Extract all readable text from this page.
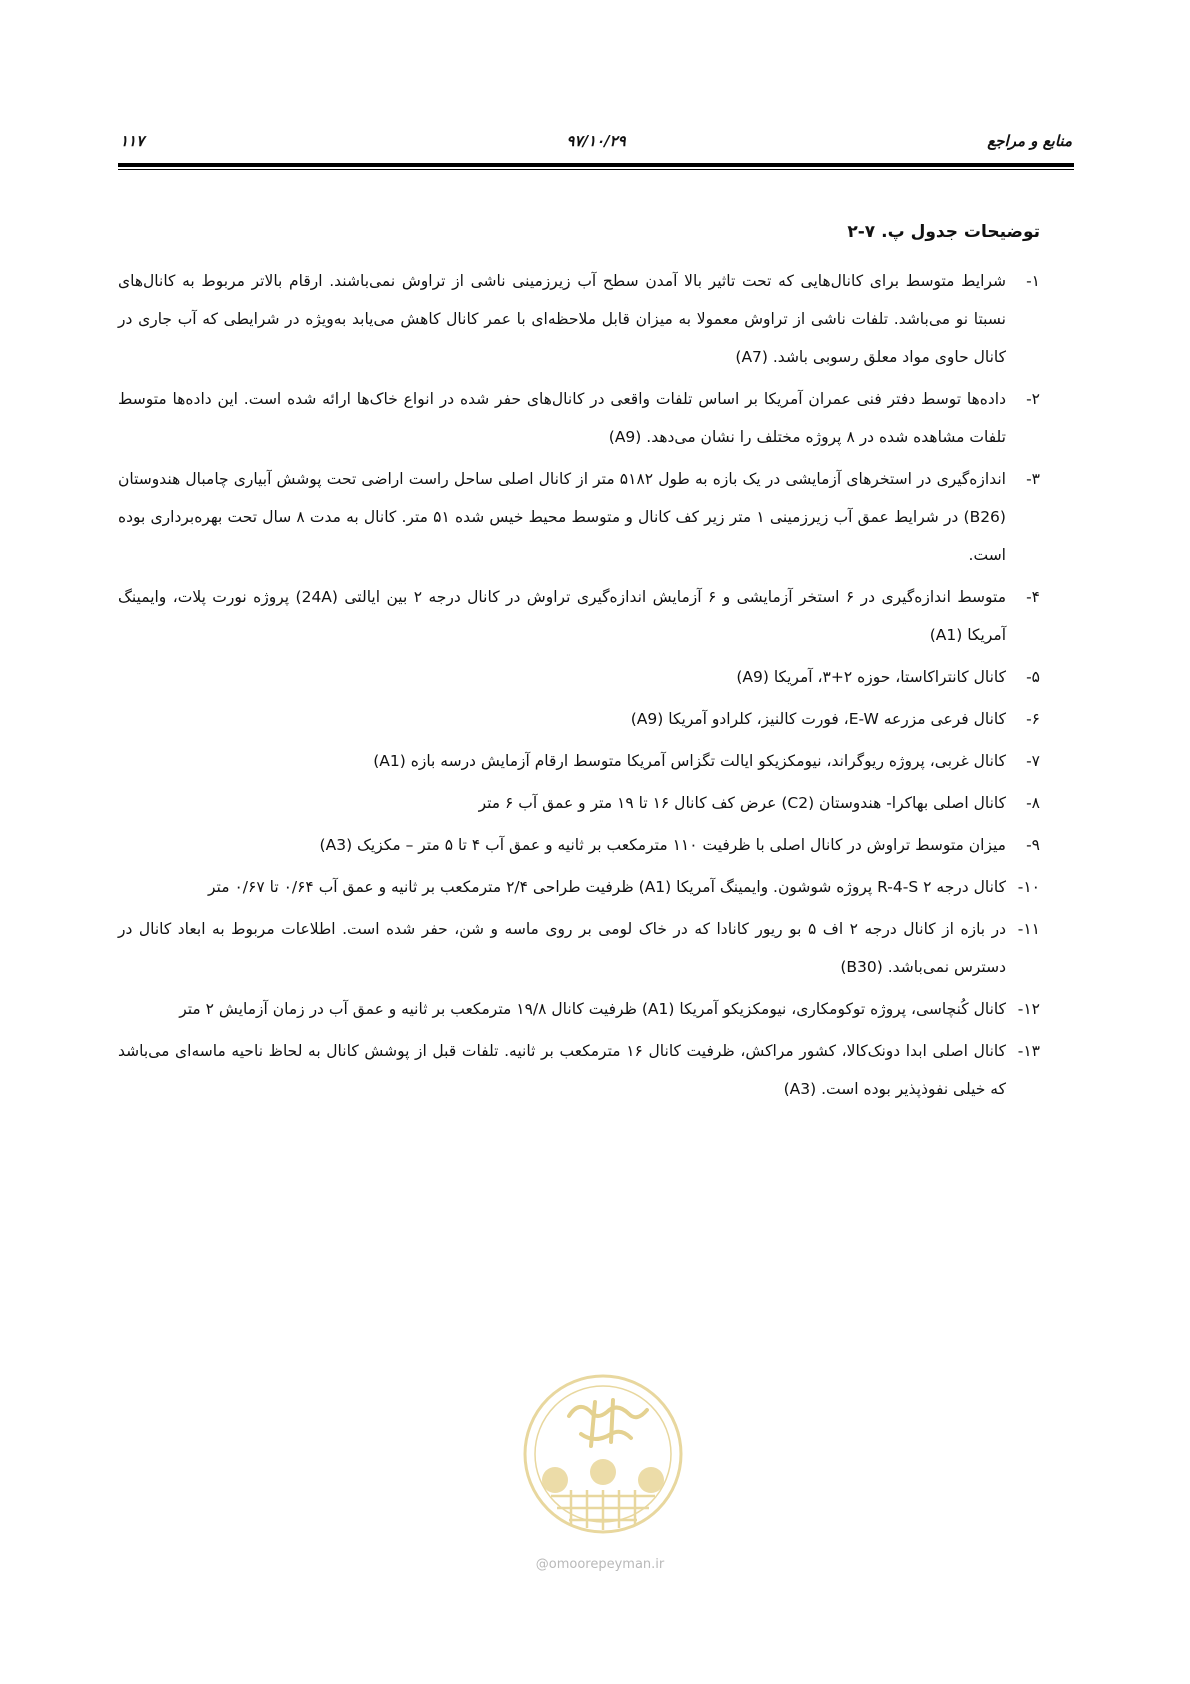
منابع و مراجع
۹۷/۱۰/۲۹
۱۱۷
توضیحات جدول پ. ۷-۲
۱-
شرایط متوسط برای کانال‌هایی که تحت تاثیر بالا آمدن سطح آب زیرزمینی ناشی از تراوش نمی‌باشند. ارقام بالاتر مربوط به کانال‌های نسبتا نو می‌باشد. تلفات ناشی از تراوش معمولا به میزان قابل ملاحظه‌ای با عمر کانال کاهش می‌یابد به‌ویژه در شرایطی که آب جاری در کانال حاوی مواد معلق رسوبی باشد. (A7)
۲-
داده‌ها توسط دفتر فنی عمران آمریکا بر اساس تلفات واقعی در کانال‌های حفر شده در انواع خاک‌ها ارائه شده است. این داده‌ها متوسط تلفات مشاهده شده در ۸ پروژه مختلف را نشان می‌دهد. (A9)
۳-
اندازه‌گیری در استخرهای آزمایشی در یک بازه به طول ۵۱۸۲ متر از کانال اصلی ساحل راست اراضی تحت پوشش آبیاری چامبال هندوستان (B26) در شرایط عمق آب زیرزمینی ۱ متر زیر کف کانال و متوسط محیط خیس شده ۵۱ متر. کانال به مدت ۸ سال تحت بهره‌برداری بوده است.
۴-
متوسط اندازه‌گیری در ۶ استخر آزمایشی و ۶ آزمایش اندازه‌گیری تراوش در کانال درجه ۲ بین ایالتی (24A) پروژه نورت پلات، وایمینگ آمریکا (A1)
۵-
کانال کانتراکاستا، حوزه ۲+۳، آمریکا (A9)
۶-
کانال فرعی مزرعه E-W، فورت کالنیز، کلرادو آمریکا (A9)
۷-
کانال غربی، پروژه ریوگراند، نیومکزیکو ایالت تگزاس آمریکا متوسط ارقام آزمایش درسه بازه (A1)
۸-
کانال اصلی بهاکرا- هندوستان (C2) عرض کف کانال ۱۶ تا ۱۹ متر و عمق آب ۶ متر
۹-
میزان متوسط تراوش در کانال اصلی با ظرفیت ۱۱۰ مترمکعب بر ثانیه و عمق آب ۴ تا ۵ متر – مکزیک (A3)
۱۰-
کانال درجه ۲ R-4-S پروژه شوشون. وایمینگ آمریکا (A1) ظرفیت طراحی ۲/۴ مترمکعب بر ثانیه و عمق آب ۰/۶۴ تا ۰/۶۷ متر
۱۱-
در بازه از کانال درجه ۲ اف ۵ بو ریور کانادا که در خاک لومی بر روی ماسه و شن، حفر شده است. اطلاعات مربوط به ابعاد کانال در دسترس نمی‌باشد. (B30)
۱۲-
کانال کُنچاسی، پروژه توکومکاری، نیومکزیکو آمریکا (A1) ظرفیت کانال ۱۹/۸ مترمکعب بر ثانیه و عمق آب در زمان آزمایش ۲ متر
۱۳-
کانال اصلی ابدا دونک‌کالا، کشور مراکش، ظرفیت کانال ۱۶ مترمکعب بر ثانیه. تلفات قبل از پوشش کانال به لحاظ ناحیه ماسه‌ای می‌باشد که خیلی نفوذپذیر بوده است. (A3)
@omoorepeyman.ir
